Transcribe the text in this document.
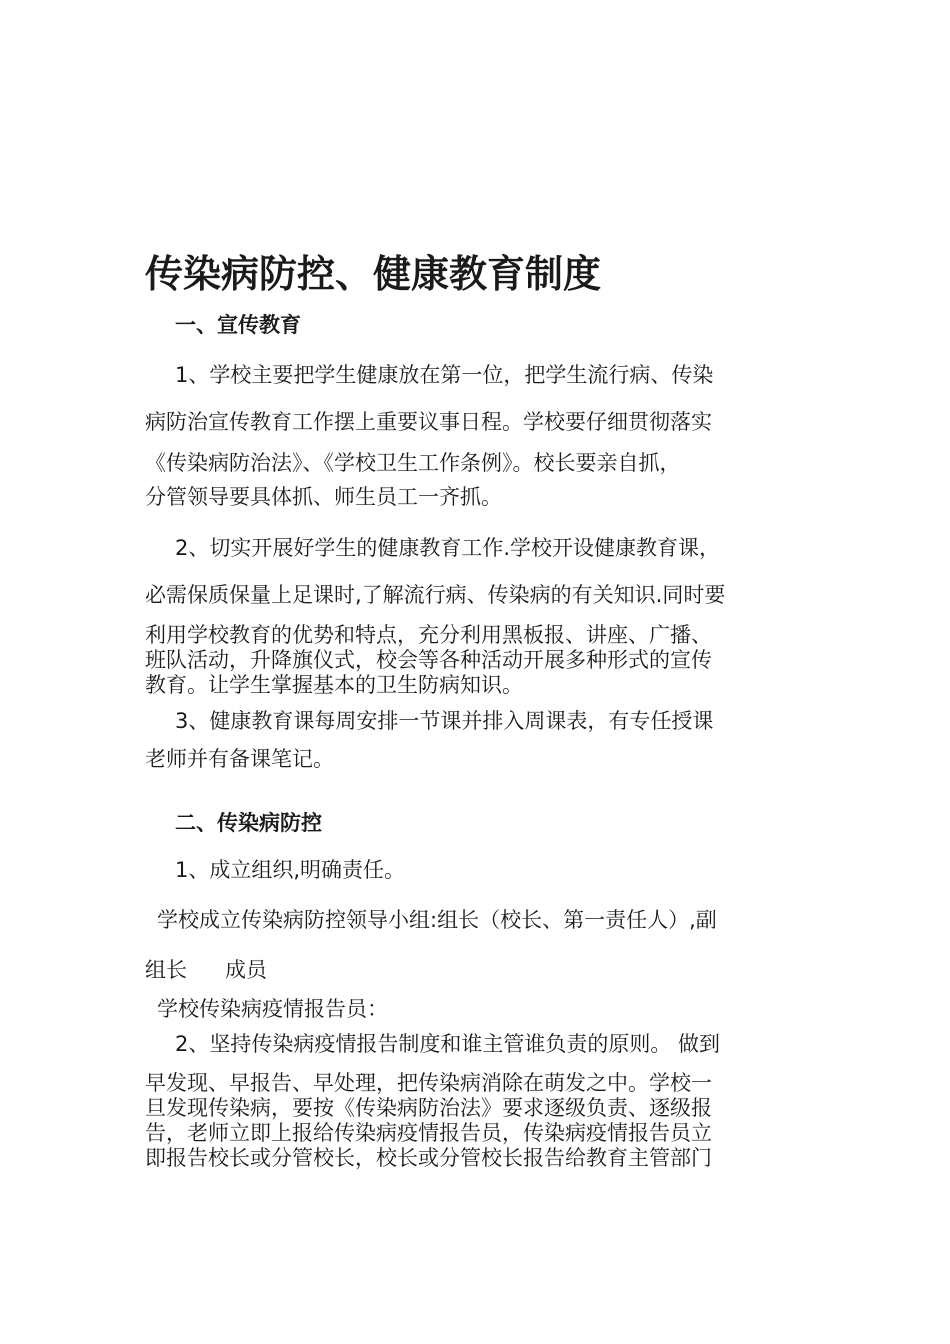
传染病防控、健康教育制度
一、宣传教育
1、学校主要把学生健康放在第一位，把学生流行病、传染
病防治宣传教育工作摆上重要议事日程。学校要仔细贯彻落实
《传染病防治法》、《学校卫生工作条例》。校长要亲自抓，
分管领导要具体抓、师生员工一齐抓。
2、切实开展好学生的健康教育工作.学校开设健康教育课，
必需保质保量上足课时,了解流行病、传染病的有关知识.同时要
利用学校教育的优势和特点，充分利用黑板报、讲座、广播、
班队活动，升降旗仪式，校会等各种活动开展多种形式的宣传
教育。让学生掌握基本的卫生防病知识。
3、健康教育课每周安排一节课并排入周课表，有专任授课
老师并有备课笔记。
二、传染病防控
1、成立组织,明确责任。
学校成立传染病防控领导小组:组长（校长、第一责任人）,副
组长 成员
学校传染病疫情报告员：
2、坚持传染病疫情报告制度和谁主管谁负责的原则。 做到
早发现、早报告、早处理，把传染病消除在萌发之中。学校一
旦发现传染病，要按《传染病防治法》要求逐级负责、逐级报
告，老师立即上报给传染病疫情报告员，传染病疫情报告员立
即报告校长或分管校长，校长或分管校长报告给教育主管部门
